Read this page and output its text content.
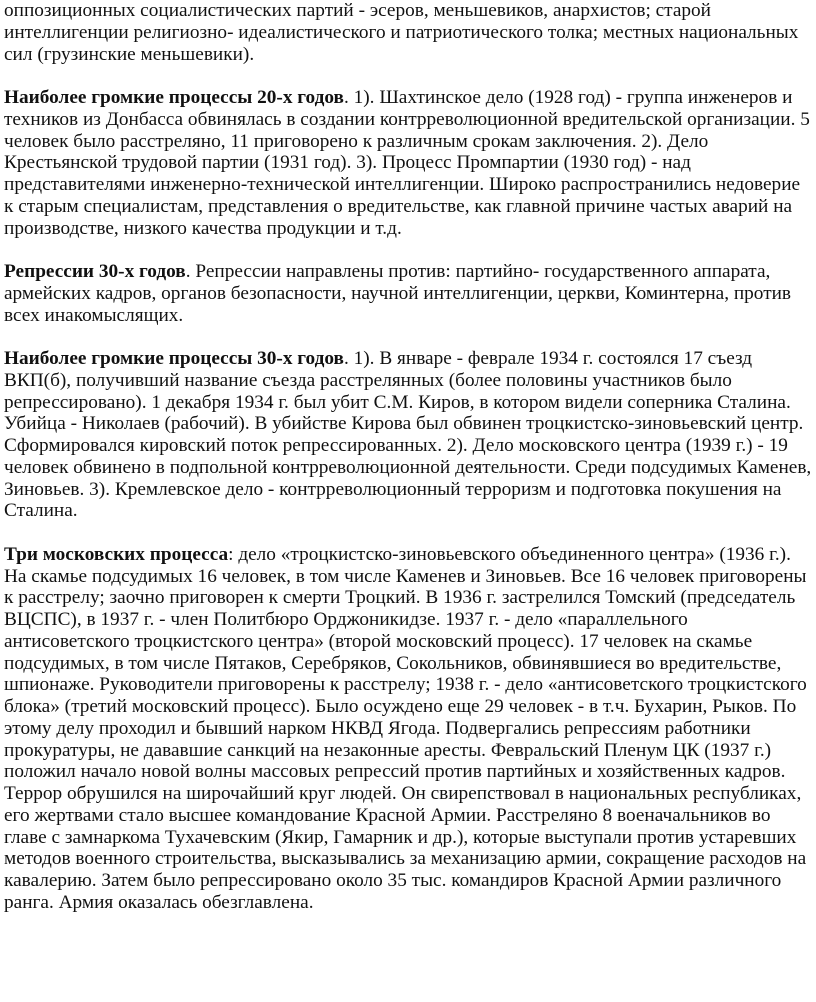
оппозиционных социалистических партий - эсеров, меньшевиков, анархистов; старой интеллигенции религиозно- идеалистического и патриотического толка; местных национальных сил (грузинские меньшевики).

Наиболее громкие процессы 20-х годов. 1). Шахтинское дело (1928 год) - группа инженеров и техников из Донбасса обвинялась в создании контрреволюционной вредительской организации. 5 человек было расстреляно, 11 приговорено к различным срокам заключения. 2). Дело Крестьянской трудовой партии (1931 год). 3). Процесс Промпартии (1930 год) - над представителями инженерно-технической интеллигенции. Широко распространились недоверие к старым специалистам, представления о вредительстве, как главной причине частых аварий на производстве, низкого качества продукции и т.д.

Репрессии 30-х годов. Репрессии направлены против: партийно- государственного аппарата, армейских кадров, органов безопасности, научной интеллигенции, церкви, Коминтерна, против всех инакомыслящих.

Наиболее громкие процессы 30-х годов. 1). В январе - феврале 1934 г. состоялся 17 съезд ВКП(б), получивший название съезда расстрелянных (более половины участников было репрессировано). 1 декабря 1934 г. был убит С.М. Киров, в котором видели соперника Сталина. Убийца - Николаев (рабочий). В убийстве Кирова был обвинен троцкистско-зиновьевский центр. Сформировался кировский поток репрессированных. 2). Дело московского центра (1939 г.) - 19 человек обвинено в подпольной контрреволюционной деятельности. Среди подсудимых Каменев, Зиновьев. 3). Кремлевское дело - контрреволюционный терроризм и подготовка покушения на Сталина.

Три московских процесса: дело «троцкистско-зиновьевского объединенного центра» (1936 г.). На скамье подсудимых 16 человек, в том числе Каменев и Зиновьев. Все 16 человек приговорены к расстрелу; заочно приговорен к смерти Троцкий. В 1936 г. застрелился Томский (председатель ВЦСПС), в 1937 г. - член Политбюро Орджоникидзе. 1937 г. - дело «параллельного антисоветского троцкистского центра» (второй московский процесс). 17 человек на скамье подсудимых, в том числе Пятаков, Серебряков, Сокольников, обвинявшиеся во вредительстве, шпионаже. Руководители приговорены к расстрелу; 1938 г. - дело «антисоветского троцкистского блока» (третий московский процесс). Было осуждено еще 29 человек - в т.ч. Бухарин, Рыков. По этому делу проходил и бывший нарком НКВД Ягода. Подвергались репрессиям работники прокуратуры, не дававшие санкций на незаконные аресты. Февральский Пленум ЦК (1937 г.) положил начало новой волны массовых репрессий против партийных и хозяйственных кадров. Террор обрушился на широчайший круг людей. Он свирепствовал в национальных республиках, его жертвами стало высшее командование Красной Армии. Расстреляно 8 военачальников во главе с замнаркома Тухачевским (Якир, Гамарник и др.), которые выступали против устаревших методов военного строительства, высказывались за механизацию армии, сокращение расходов на кавалерию. Затем было репрессировано около 35 тыс. командиров Красной Армии различного ранга. Армия оказалась обезглавлена.
